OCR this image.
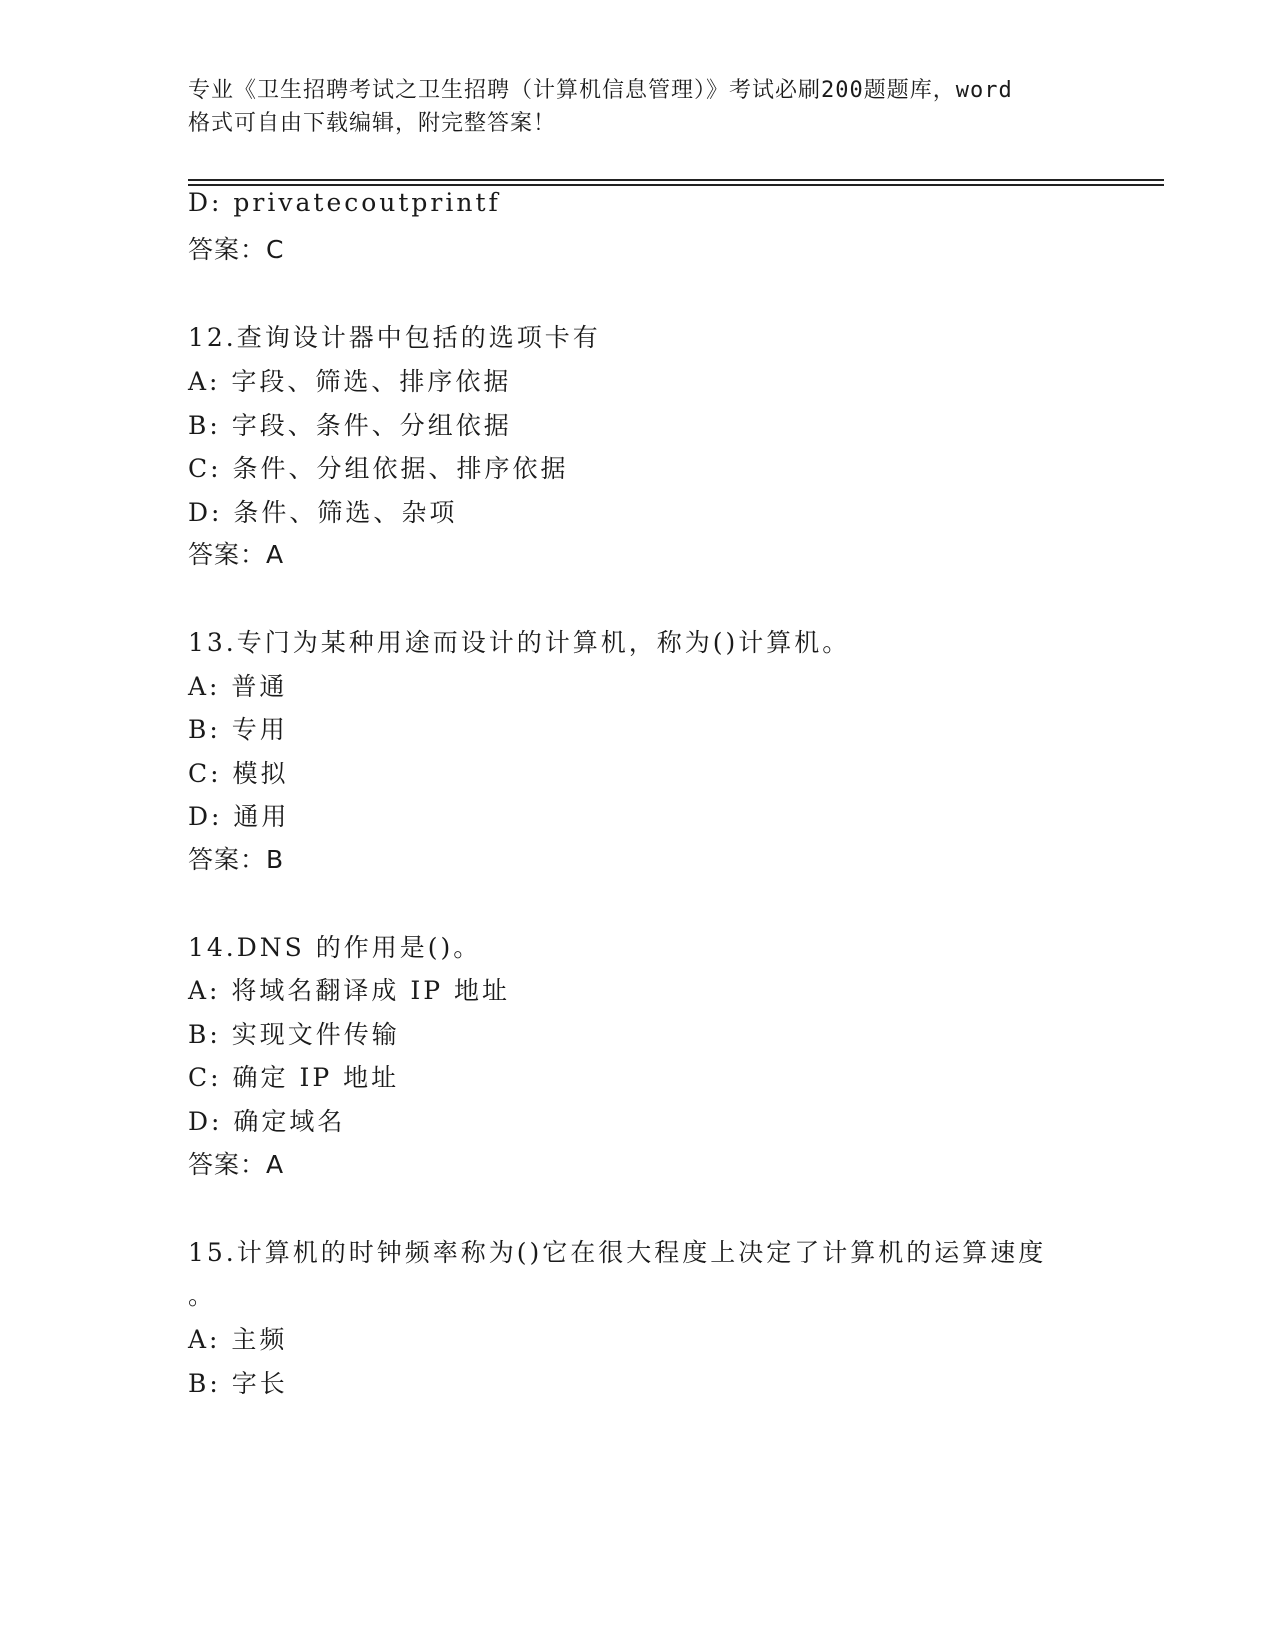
专业《卫生招聘考试之卫生招聘（计算机信息管理）》考试必刷200题题库，word
格式可自由下载编辑，附完整答案！
D: privatecoutprintf
答案：C
12.查询设计器中包括的选项卡有
A: 字段、筛选、排序依据
B: 字段、条件、分组依据
C: 条件、分组依据、排序依据
D: 条件、筛选、杂项
答案：A
13.专门为某种用途而设计的计算机，称为()计算机。
A: 普通
B: 专用
C: 模拟
D: 通用
答案：B
14.DNS 的作用是()。
A: 将域名翻译成 IP 地址
B: 实现文件传输
C: 确定 IP 地址
D: 确定域名
答案：A
15.计算机的时钟频率称为()它在很大程度上决定了计算机的运算速度
。
A: 主频
B: 字长
